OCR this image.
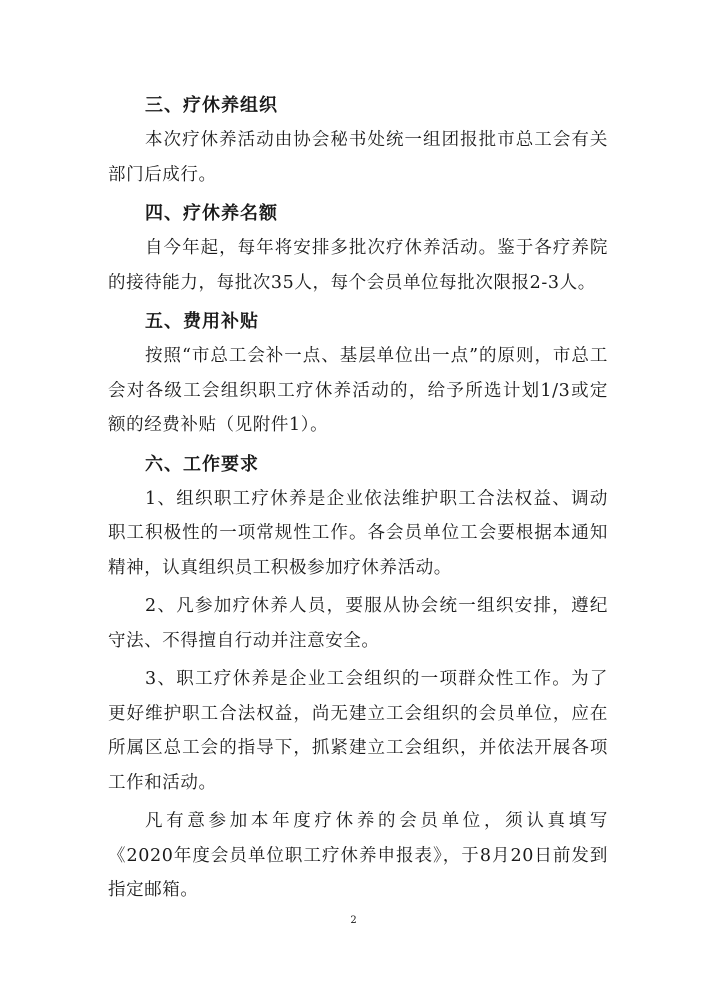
三、疗休养组织

本次疗休养活动由协会秘书处统一组团报批市总工会有关部门后成行。

四、疗休养名额

自今年起，每年将安排多批次疗休养活动。鉴于各疗养院的接待能力，每批次35人，每个会员单位每批次限报2-3人。

五、费用补贴

按照“市总工会补一点、基层单位出一点”的原则，市总工会对各级工会组织职工疗休养活动的，给予所选计划1/3或定额的经费补贴（见附件1）。

六、工作要求

1、组织职工疗休养是企业依法维护职工合法权益、调动职工积极性的一项常规性工作。各会员单位工会要根据本通知精神，认真组织员工积极参加疗休养活动。

2、凡参加疗休养人员，要服从协会统一组织安排，遵纪守法、不得擅自行动并注意安全。

3、职工疗休养是企业工会组织的一项群众性工作。为了更好维护职工合法权益，尚无建立工会组织的会员单位，应在所属区总工会的指导下，抓紧建立工会组织，并依法开展各项工作和活动。

凡有意参加本年度疗休养的会员单位，须认真填写《2020年度会员单位职工疗休养申报表》，于8月20日前发到指定邮箱。

2
